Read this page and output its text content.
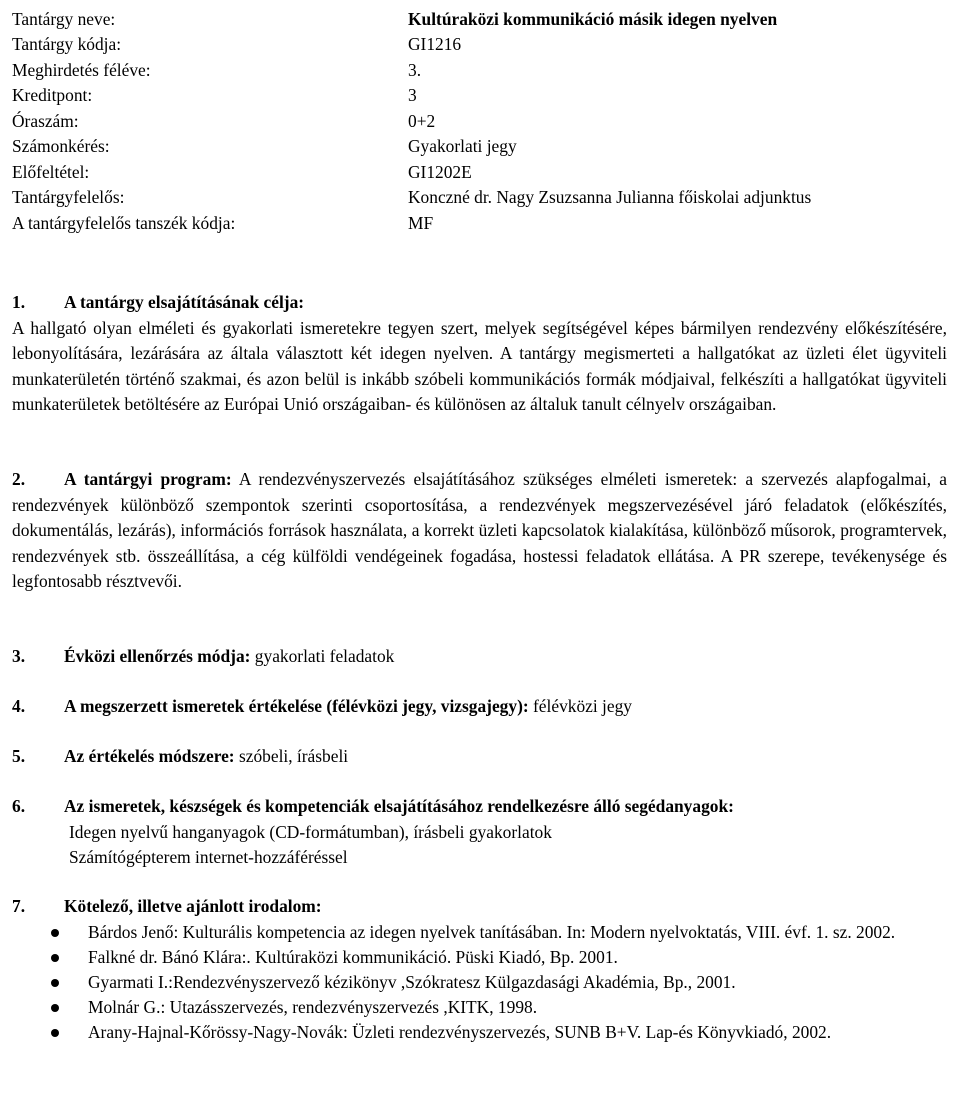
Tantárgy neve:	Kultúraközi kommunikáció másik idegen nyelven
Tantárgy kódja:	GI1216
Meghirdetés féléve:	3.
Kreditpont:	3
Óraszám:	0+2
Számonkérés:	Gyakorlati jegy
Előfeltétel:	GI1202E
Tantárgyfelelős:	Konczné dr. Nagy Zsuzsanna Julianna főiskolai adjunktus
A tantárgyfelelős tanszék kódja:	MF

1. A tantárgy elsajátításának célja:

A hallgató olyan elméleti és gyakorlati ismeretekre tegyen szert, melyek segítségével képes bármilyen rendezvény előkészítésére, lebonyolítására, lezárására az általa választott két idegen nyelven. A tantárgy megismerteti a hallgatókat az üzleti élet ügyviteli munkaterületén történő szakmai, és azon belül is inkább szóbeli kommunikációs formák módjaival, felkészíti a hallgatókat ügyviteli munkaterületek betöltésére az Európai Unió országaiban- és különösen az általuk tanult célnyelv országaiban.

2. A tantárgyi program: A rendezvényszervezés elsajátításához szükséges elméleti ismeretek: a szervezés alapfogalmai, a rendezvények különböző szempontok szerinti csoportosítása, a rendezvények megszervezésével járó feladatok (előkészítés, dokumentálás, lezárás), információs források használata, a korrekt üzleti kapcsolatok kialakítása, különböző műsorok, programtervek, rendezvények stb. összeállítása, a cég külföldi vendégeinek fogadása, hostessi feladatok ellátása. A PR szerepe, tevékenysége és legfontosabb résztvevői.

3. Évközi ellenőrzés módja: gyakorlati feladatok

4. A megszerzett ismeretek értékelése (félévközi jegy, vizsgajegy): félévközi jegy

5. Az értékelés módszere: szóbeli, írásbeli

6. Az ismeretek, készségek és kompetenciák elsajátításához rendelkezésre álló segédanyagok:

Idegen nyelvű hanganyagok (CD-formátumban), írásbeli gyakorlatok

Számítógépterem internet-hozzáféréssel

7. Kötelező, illetve ajánlott irodalom:

Bárdos Jenő: Kulturális kompetencia az idegen nyelvek tanításában. In: Modern nyelvoktatás, VIII. évf. 1. sz. 2002.
Falkné dr. Bánó Klára:. Kultúraközi kommunikáció. Püski Kiadó, Bp. 2001.
Gyarmati I.:Rendezvényszervező kézikönyv ,Szókratesz Külgazdasági Akadémia, Bp., 2001.
Molnár G.: Utazásszervezés, rendezvényszervezés ,KITK, 1998.
Arany-Hajnal-Kőrössy-Nagy-Novák: Üzleti rendezvényszervezés, SUNB B+V. Lap-és Könyvkiadó, 2002.
